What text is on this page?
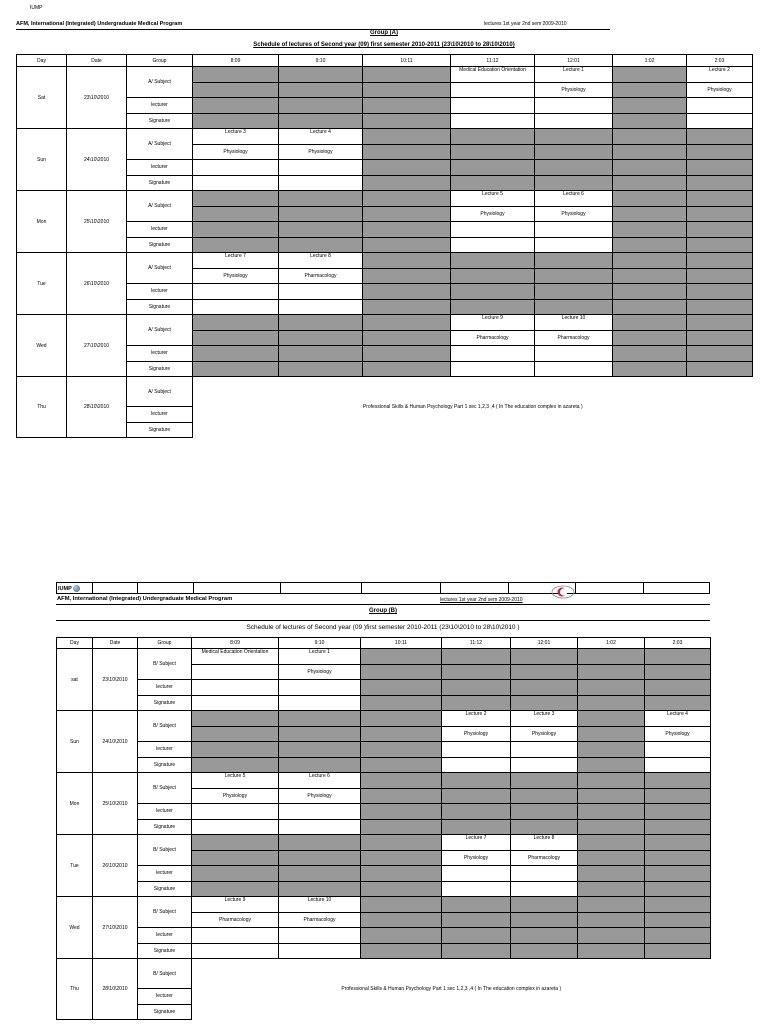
IUMP
AFM, International (Integrated) Undergraduate Medical Program	lectures 1st year 2nd sem 2009-2010
Group (A)
Schedule of lectures of Second year (09) first semester 2010-2011 (23\10\2010 to 28\10\2010)
Day	Date	Group	8:09	9:10	10:11	11:12	12:01	1:02	2:03
Sat	23\10\2010	A/ Subject				Medical Education Orientation	Lecture 1		Lecture 2
							Physiology		Physiology
		lecturer							
		Signature							
Sun	24\10\2010	A/ Subject	Lecture 3	Lecture 4					
			Physiology	Physiology					
		lecturer							
		Signature							
Mon	25\10\2010	A/ Subject				Lecture 5	Lecture 6		
						Physiology	Physiology		
		lecturer							
		Signature							
Tue	26\10\2010	A/ Subject	Lecture 7	Lecture 8					
			Physiology	Pharmacology					
		lecturer							
		Signature							
Wed	27\10\2010	A/ Subject				Lecture 9	Lecture 10		
						Pharmacology	Pharmacology		
		lecturer							
		Signature							
Thu	28\10\2010	A/ Subject	Professional Skills & Human Psychology Part 1 sec 1,2,3 ,4 ( In The education complex in azareta )						

		lecturer							
		Signature							
IUMP									
AFM, International (Integrated) Undergraduate Medical Program	lectures 1st year 2nd sem 2009-2010
Group (B)
Schedule of lectures of Second year (09 )first semester 2010-2011 (23\10\2010 to 28\10\2010 )
Day	Date	Group	8:09	9:10	10:11	11:12	12:01	1:02	2:03
sat	23\10\2010	B/ Subject	Medical Education Orientation	Lecture 1					
				Physiology					
		lecturer							
		Signature							
Sun	24\10\2010	B/ Subject				Lecture 2	Lecture 3		Lecture 4
						Physiology	Physiology		Physiology
		lecturer							
		Signature							
Mon	25\10\2010	B/ Subject	Lecture 5	Lecture 6					
			Physiology	Physiology					
		lecturer							
		Signature							
Tue	26\10\2010	B/ Subject				Lecture 7	Lecture 8		
						Physiology	Pharmacology		
		lecturer							
		Signature							
Wed	27\10\2010	B/ Subject	Lecture 9	Lecture 10					
			Pharmacology	Pharmacology					
		lecturer							
		Signature							
Thu	28\10\2010	B/ Subject	Professional Skills & Human Psychology Part 1 sec 1,2,3 ,4 ( In The education complex in azareta )						

		lecturer							
		Signature							
